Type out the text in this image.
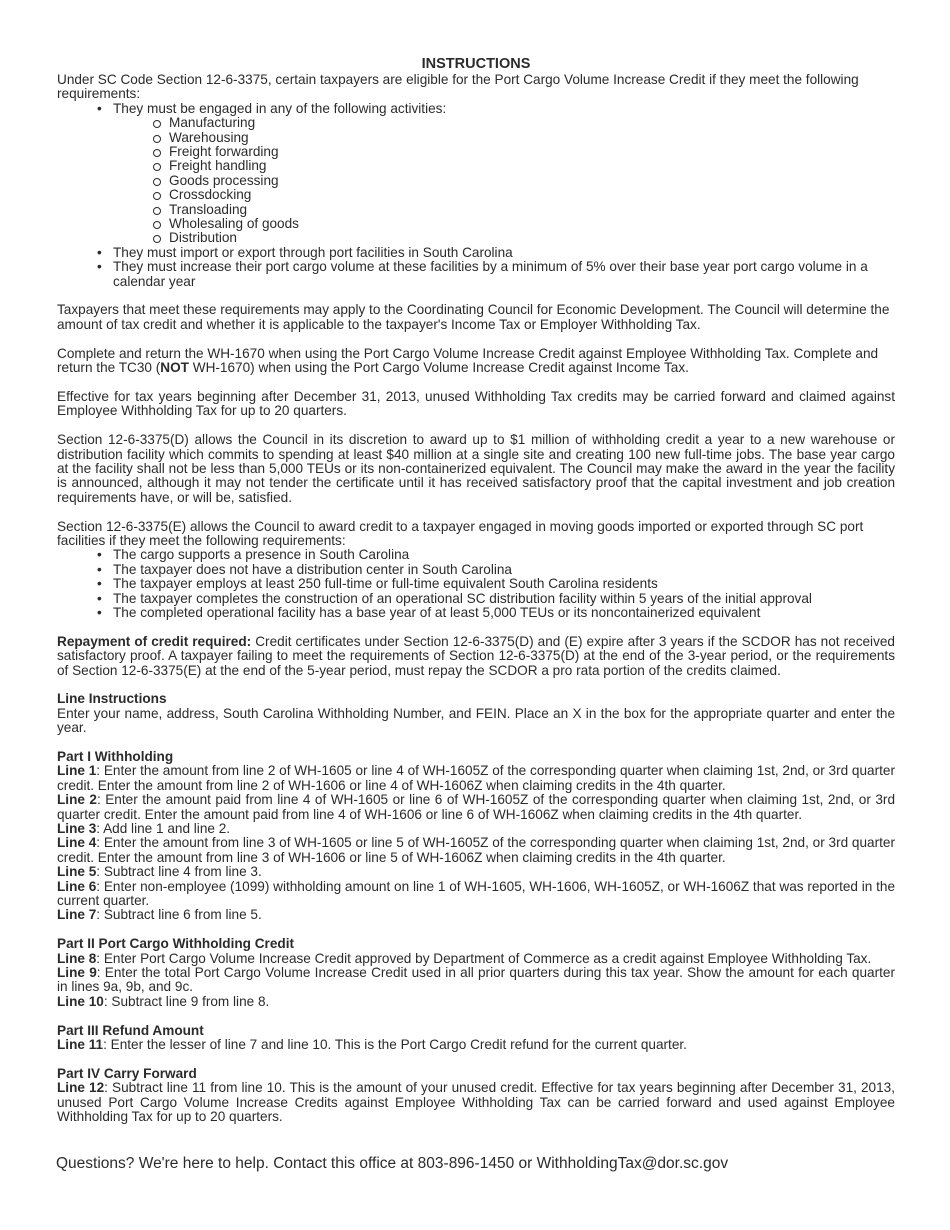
INSTRUCTIONS

Under SC Code Section 12-6-3375, certain taxpayers are eligible for the Port Cargo Volume Increase Credit if they meet the following requirements:

• They must be engaged in any of the following activities:
Manufacturing
Warehousing
Freight forwarding
Freight handling
Goods processing
Crossdocking
Transloading
Wholesaling of goods
Distribution
• They must import or export through port facilities in South Carolina
• They must increase their port cargo volume at these facilities by a minimum of 5% over their base year port cargo volume in a calendar year

Taxpayers that meet these requirements may apply to the Coordinating Council for Economic Development. The Council will determine the amount of tax credit and whether it is applicable to the taxpayer's Income Tax or Employer Withholding Tax.

Complete and return the WH-1670 when using the Port Cargo Volume Increase Credit against Employee Withholding Tax. Complete and return the TC30 (NOT WH-1670) when using the Port Cargo Volume Increase Credit against Income Tax.

Effective for tax years beginning after December 31, 2013, unused Withholding Tax credits may be carried forward and claimed against Employee Withholding Tax for up to 20 quarters.

Section 12-6-3375(D) allows the Council in its discretion to award up to $1 million of withholding credit a year to a new warehouse or distribution facility which commits to spending at least $40 million at a single site and creating 100 new full-time jobs. The base year cargo at the facility shall not be less than 5,000 TEUs or its non-containerized equivalent. The Council may make the award in the year the facility is announced, although it may not tender the certificate until it has received satisfactory proof that the capital investment and job creation requirements have, or will be, satisfied.

Section 12-6-3375(E) allows the Council to award credit to a taxpayer engaged in moving goods imported or exported through SC port facilities if they meet the following requirements:

• The cargo supports a presence in South Carolina
• The taxpayer does not have a distribution center in South Carolina
• The taxpayer employs at least 250 full-time or full-time equivalent South Carolina residents
• The taxpayer completes the construction of an operational SC distribution facility within 5 years of the initial approval
• The completed operational facility has a base year of at least 5,000 TEUs or its noncontainerized equivalent

Repayment of credit required: Credit certificates under Section 12-6-3375(D) and (E) expire after 3 years if the SCDOR has not received satisfactory proof. A taxpayer failing to meet the requirements of Section 12-6-3375(D) at the end of the 3-year period, or the requirements of Section 12-6-3375(E) at the end of the 5-year period, must repay the SCDOR a pro rata portion of the credits claimed.

Line Instructions

Enter your name, address, South Carolina Withholding Number, and FEIN. Place an X in the box for the appropriate quarter and enter the year.

Part I Withholding

Line 1: Enter the amount from line 2 of WH-1605 or line 4 of WH-1605Z of the corresponding quarter when claiming 1st, 2nd, or 3rd quarter credit. Enter the amount from line 2 of WH-1606 or line 4 of WH-1606Z when claiming credits in the 4th quarter.

Line 2: Enter the amount paid from line 4 of WH-1605 or line 6 of WH-1605Z of the corresponding quarter when claiming 1st, 2nd, or 3rd quarter credit. Enter the amount paid from line 4 of WH-1606 or line 6 of WH-1606Z when claiming credits in the 4th quarter.

Line 3: Add line 1 and line 2.

Line 4: Enter the amount from line 3 of WH-1605 or line 5 of WH-1605Z of the corresponding quarter when claiming 1st, 2nd, or 3rd quarter credit. Enter the amount from line 3 of WH-1606 or line 5 of WH-1606Z when claiming credits in the 4th quarter.

Line 5: Subtract line 4 from line 3.

Line 6: Enter non-employee (1099) withholding amount on line 1 of WH-1605, WH-1606, WH-1605Z, or WH-1606Z that was reported in the current quarter.

Line 7: Subtract line 6 from line 5.

Part II Port Cargo Withholding Credit

Line 8: Enter Port Cargo Volume Increase Credit approved by Department of Commerce as a credit against Employee Withholding Tax.

Line 9: Enter the total Port Cargo Volume Increase Credit used in all prior quarters during this tax year. Show the amount for each quarter in lines 9a, 9b, and 9c.

Line 10: Subtract line 9 from line 8.

Part III Refund Amount

Line 11: Enter the lesser of line 7 and line 10. This is the Port Cargo Credit refund for the current quarter.

Part IV Carry Forward

Line 12: Subtract line 11 from line 10. This is the amount of your unused credit. Effective for tax years beginning after December 31, 2013, unused Port Cargo Volume Increase Credits against Employee Withholding Tax can be carried forward and used against Employee Withholding Tax for up to 20 quarters.

Questions? We're here to help. Contact this office at 803-896-1450 or WithholdingTax@dor.sc.gov
